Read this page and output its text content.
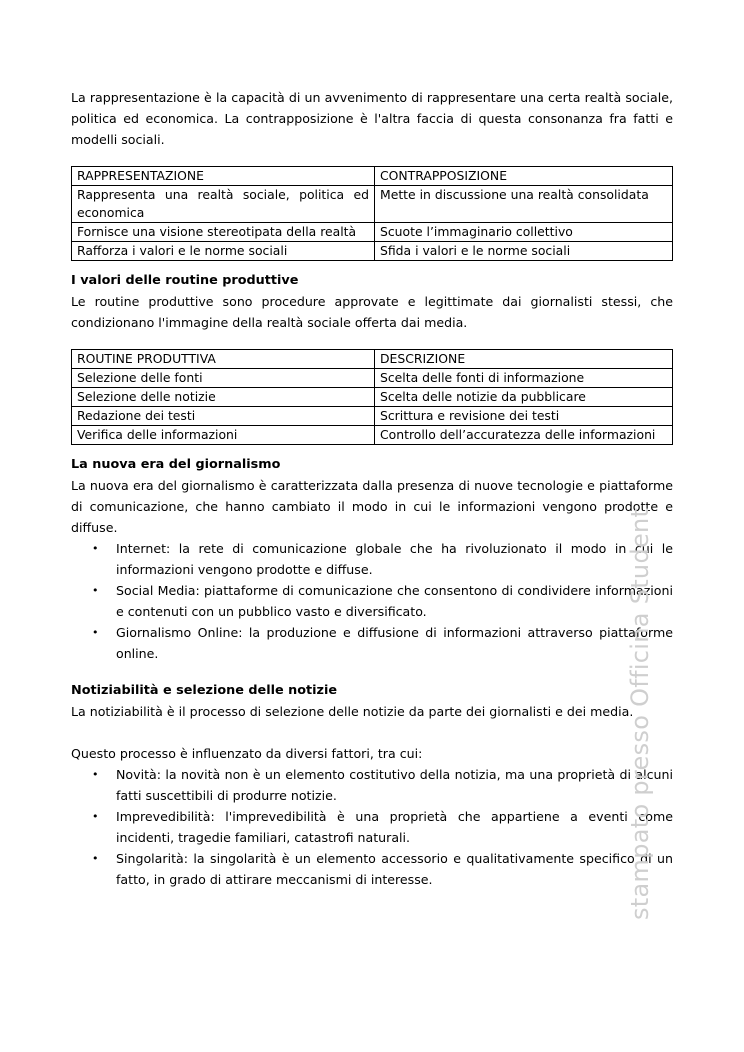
La rappresentazione è la capacità di un avvenimento di rappresentare una certa realtà sociale, politica ed economica. La contrapposizione è l'altra faccia di questa consonanza fra fatti e modelli sociali.

RAPPRESENTAZIONE	CONTRAPPOSIZIONE
Rappresenta una realtà sociale, politica ed economica	Mette in discussione una realtà consolidata
Fornisce una visione stereotipata della realtà	Scuote l’immaginario collettivo
Rafforza i valori e le norme sociali	Sfida i valori e le norme sociali
I valori delle routine produttive

Le routine produttive sono procedure approvate e legittimate dai giornalisti stessi, che condizionano l'immagine della realtà sociale offerta dai media.

ROUTINE PRODUTTIVA	DESCRIZIONE
Selezione delle fonti	Scelta delle fonti di informazione
Selezione delle notizie	Scelta delle notizie da pubblicare
Redazione dei testi	Scrittura e revisione dei testi
Verifica delle informazioni	Controllo dell’accuratezza delle informazioni
La nuova era del giornalismo

La nuova era del giornalismo è caratterizzata dalla presenza di nuove tecnologie e piattaforme di comunicazione, che hanno cambiato il modo in cui le informazioni vengono prodotte e diffuse.

• Internet: la rete di comunicazione globale che ha rivoluzionato il modo in cui le informazioni vengono prodotte e diffuse.
• Social Media: piattaforme di comunicazione che consentono di condividere informazioni e contenuti con un pubblico vasto e diversificato.
• Giornalismo Online: la produzione e diffusione di informazioni attraverso piattaforme online.
Notiziabilità e selezione delle notizie

La notiziabilità è il processo di selezione delle notizie da parte dei giornalisti e dei media.

Questo processo è influenzato da diversi fattori, tra cui:

• Novità: la novità non è un elemento costitutivo della notizia, ma una proprietà di alcuni fatti suscettibili di produrre notizie.
• Imprevedibilità: l'imprevedibilità è una proprietà che appartiene a eventi come incidenti, tragedie familiari, catastrofi naturali.
• Singolarità: la singolarità è un elemento accessorio e qualitativamente specifico di un fatto, in grado di attirare meccanismi di interesse.	stampato presso Officina Student
